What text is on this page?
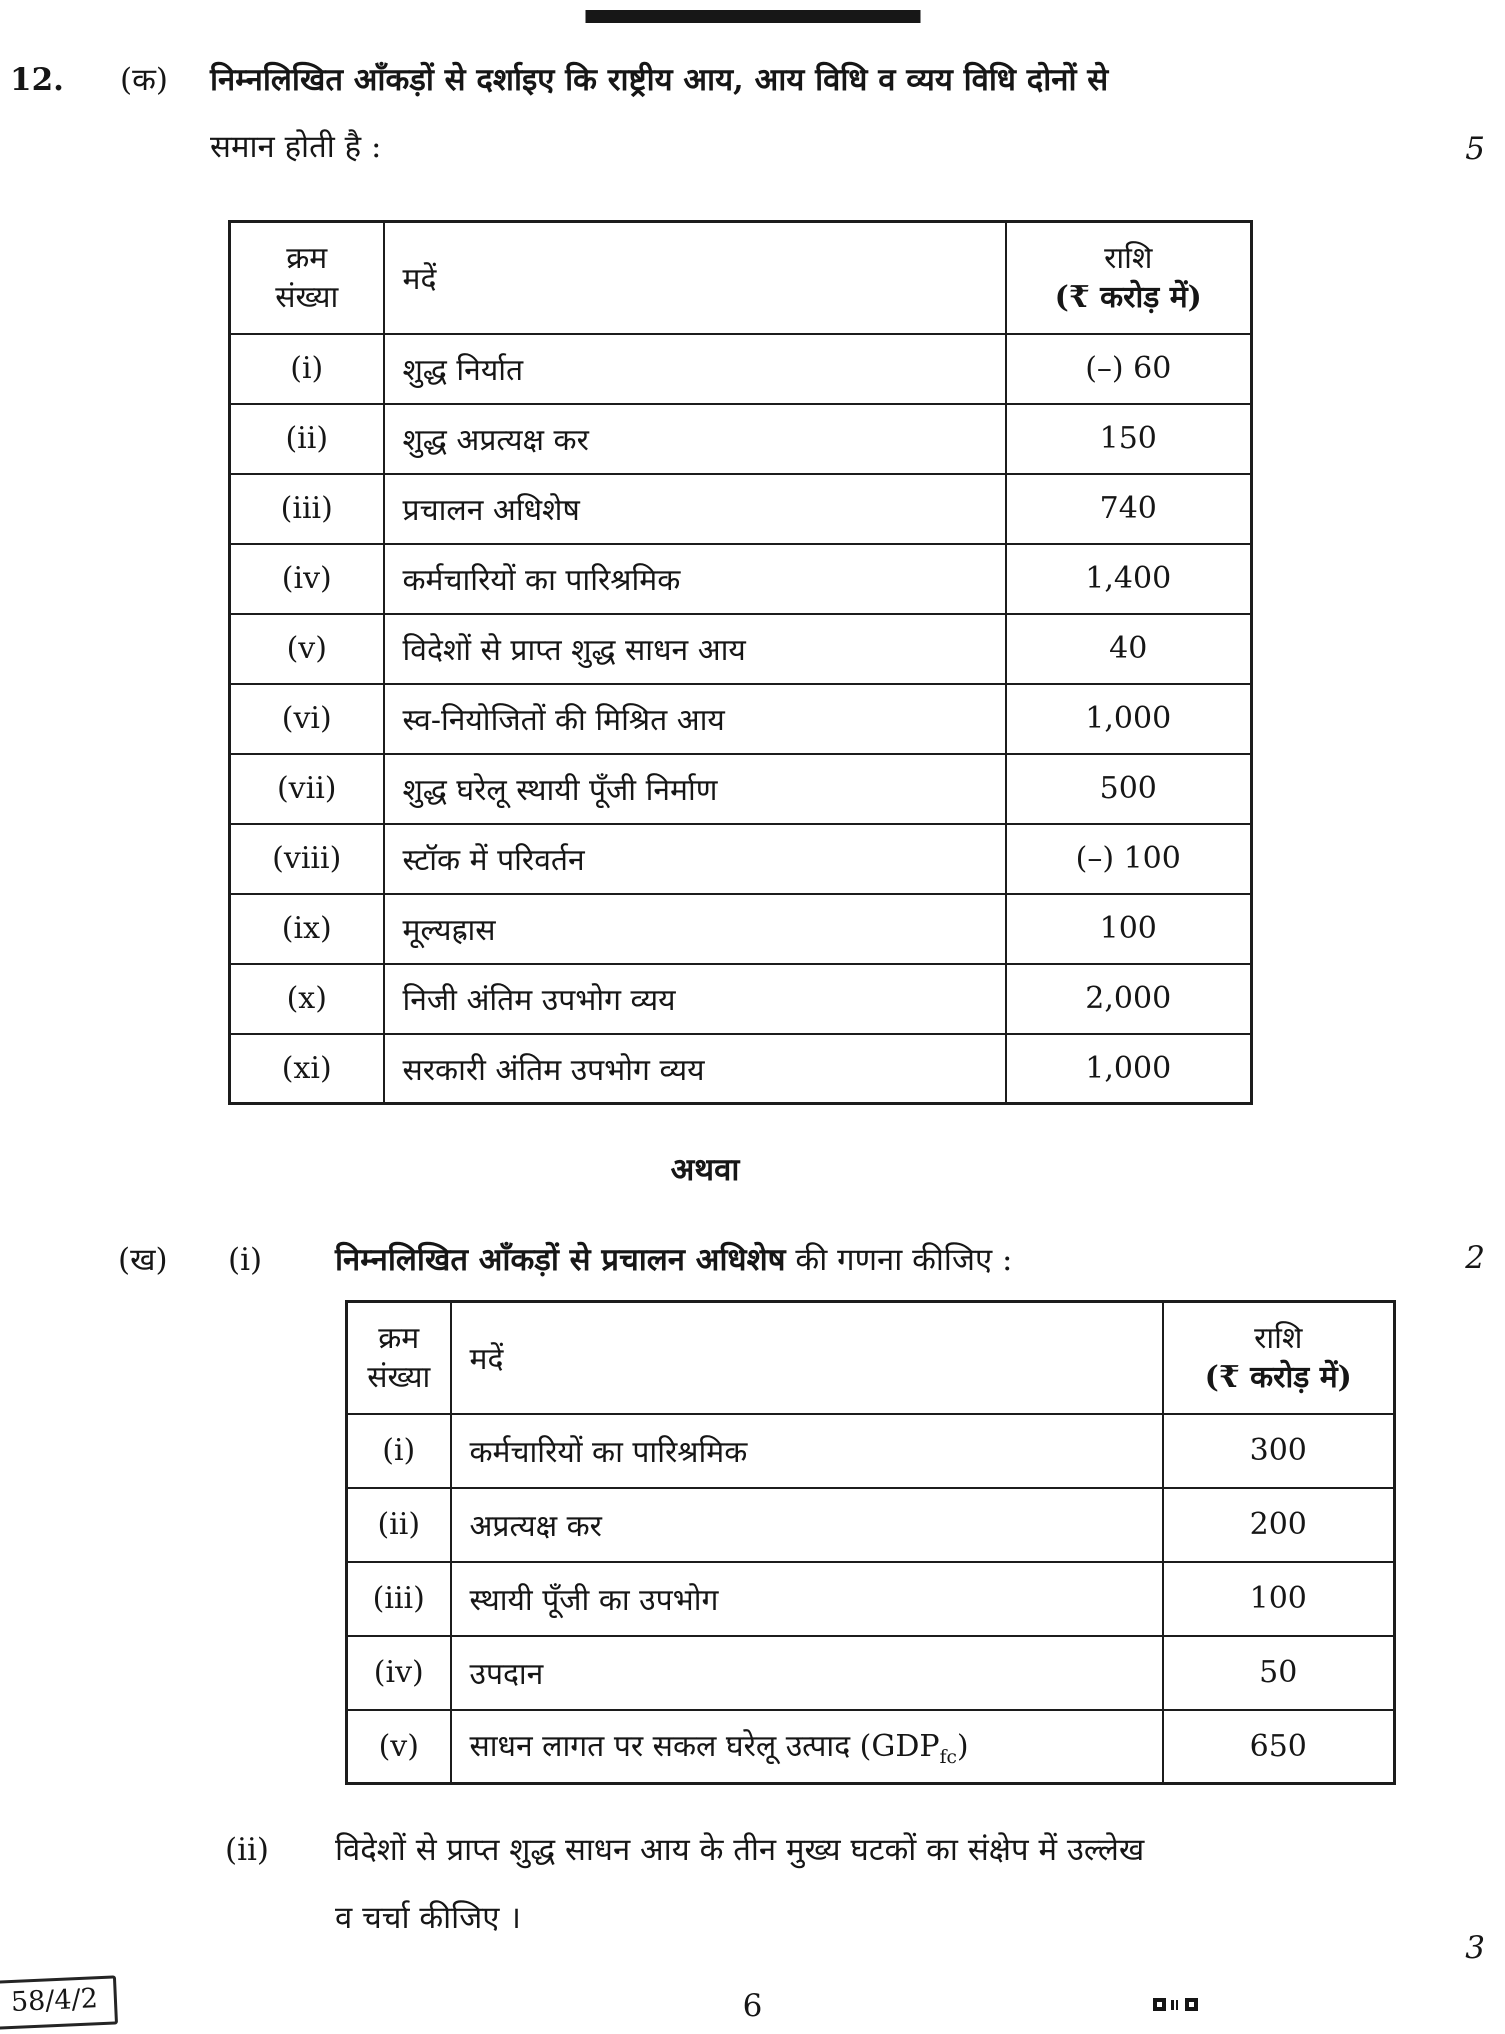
12. (क) निम्नलिखित आँकड़ों से दर्शाइए कि राष्ट्रीय आय, आय विधि व व्यय विधि दोनों से
समान होती है :	5
क्रम
संख्या	मदें	राशि
(₹ करोड़ में)
(i)	शुद्ध निर्यात	(–) 60
(ii)	शुद्ध अप्रत्यक्ष कर	150
(iii)	प्रचालन अधिशेष	740
(iv)	कर्मचारियों का पारिश्रमिक	1,400
(v)	विदेशों से प्राप्त शुद्ध साधन आय	40
(vi)	स्व-नियोजितों की मिश्रित आय	1,000
(vii)	शुद्ध घरेलू स्थायी पूँजी निर्माण	500
(viii)	स्टॉक में परिवर्तन	(–) 100
(ix)	मूल्यह्रास	100
(x)	निजी अंतिम उपभोग व्यय	2,000
(xi)	सरकारी अंतिम उपभोग व्यय	1,000
अथवा
(ख) (i) निम्नलिखित आँकड़ों से प्रचालन अधिशेष की गणना कीजिए :	2
क्रम
संख्या	मदें	राशि
(₹ करोड़ में)
(i)	कर्मचारियों का पारिश्रमिक	300
(ii)	अप्रत्यक्ष कर	200
(iii)	स्थायी पूँजी का उपभोग	100
(iv)	उपदान	50
(v)	साधन लागत पर सकल घरेलू उत्पाद $(GDP_{fc})$	650
(ii) विदेशों से प्राप्त शुद्ध साधन आय के तीन मुख्य घटकों का संक्षेप में उल्लेख
व चर्चा कीजिए ।
3
58/4/2	6
